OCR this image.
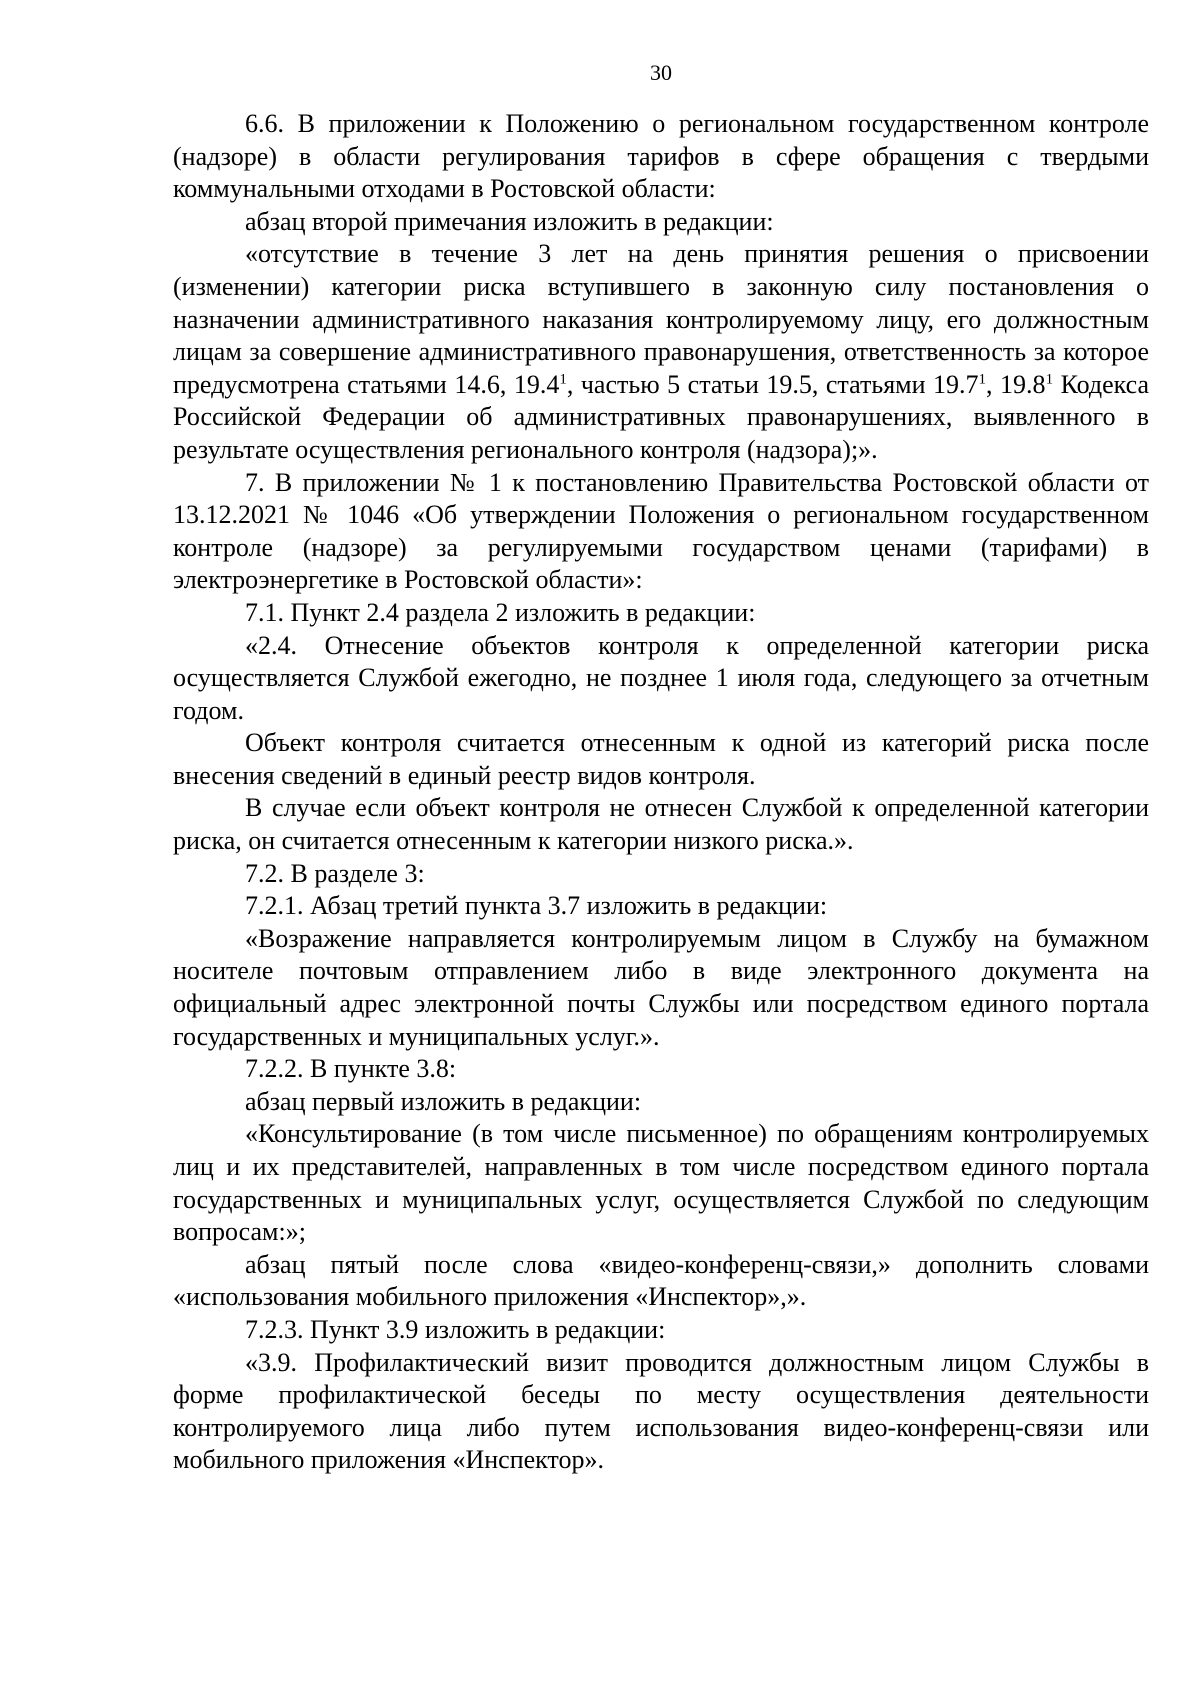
30

6.6. В приложении к Положению о региональном государственном контроле (надзоре) в области регулирования тарифов в сфере обращения с твердыми коммунальными отходами в Ростовской области:

абзац второй примечания изложить в редакции:

«отсутствие в течение 3 лет на день принятия решения о присвоении (изменении) категории риска вступившего в законную силу постановления о назначении административного наказания контролируемому лицу, его должностным лицам за совершение административного правонарушения, ответственность за которое предусмотрена статьями 14.6, 19.4$^1$, частью 5 статьи 19.5, статьями 19.7$^1$, 19.8$^1$ Кодекса Российской Федерации об административных правонарушениях, выявленного в результате осуществления регионального контроля (надзора);».

7. В приложении № 1 к постановлению Правительства Ростовской области от 13.12.2021 № 1046 «Об утверждении Положения о региональном государственном контроле (надзоре) за регулируемыми государством ценами (тарифами) в электроэнергетике в Ростовской области»:

7.1. Пункт 2.4 раздела 2 изложить в редакции:

«2.4. Отнесение объектов контроля к определенной категории риска осуществляется Службой ежегодно, не позднее 1 июля года, следующего за отчетным годом.

Объект контроля считается отнесенным к одной из категорий риска после внесения сведений в единый реестр видов контроля.

В случае если объект контроля не отнесен Службой к определенной категории риска, он считается отнесенным к категории низкого риска.».

7.2. В разделе 3:

7.2.1. Абзац третий пункта 3.7 изложить в редакции:

«Возражение направляется контролируемым лицом в Службу на бумажном носителе почтовым отправлением либо в виде электронного документа на официальный адрес электронной почты Службы или посредством единого портала государственных и муниципальных услуг.».

7.2.2. В пункте 3.8:

абзац первый изложить в редакции:

«Консультирование (в том числе письменное) по обращениям контролируемых лиц и их представителей, направленных в том числе посредством единого портала государственных и муниципальных услуг, осуществляется Службой по следующим вопросам:»;

абзац пятый после слова «видео-конференц-связи,» дополнить словами «использования мобильного приложения «Инспектор»,».

7.2.3. Пункт 3.9 изложить в редакции:

«3.9. Профилактический визит проводится должностным лицом Службы в форме профилактической беседы по месту осуществления деятельности контролируемого лица либо путем использования видео-конференц-связи или мобильного приложения «Инспектор».
